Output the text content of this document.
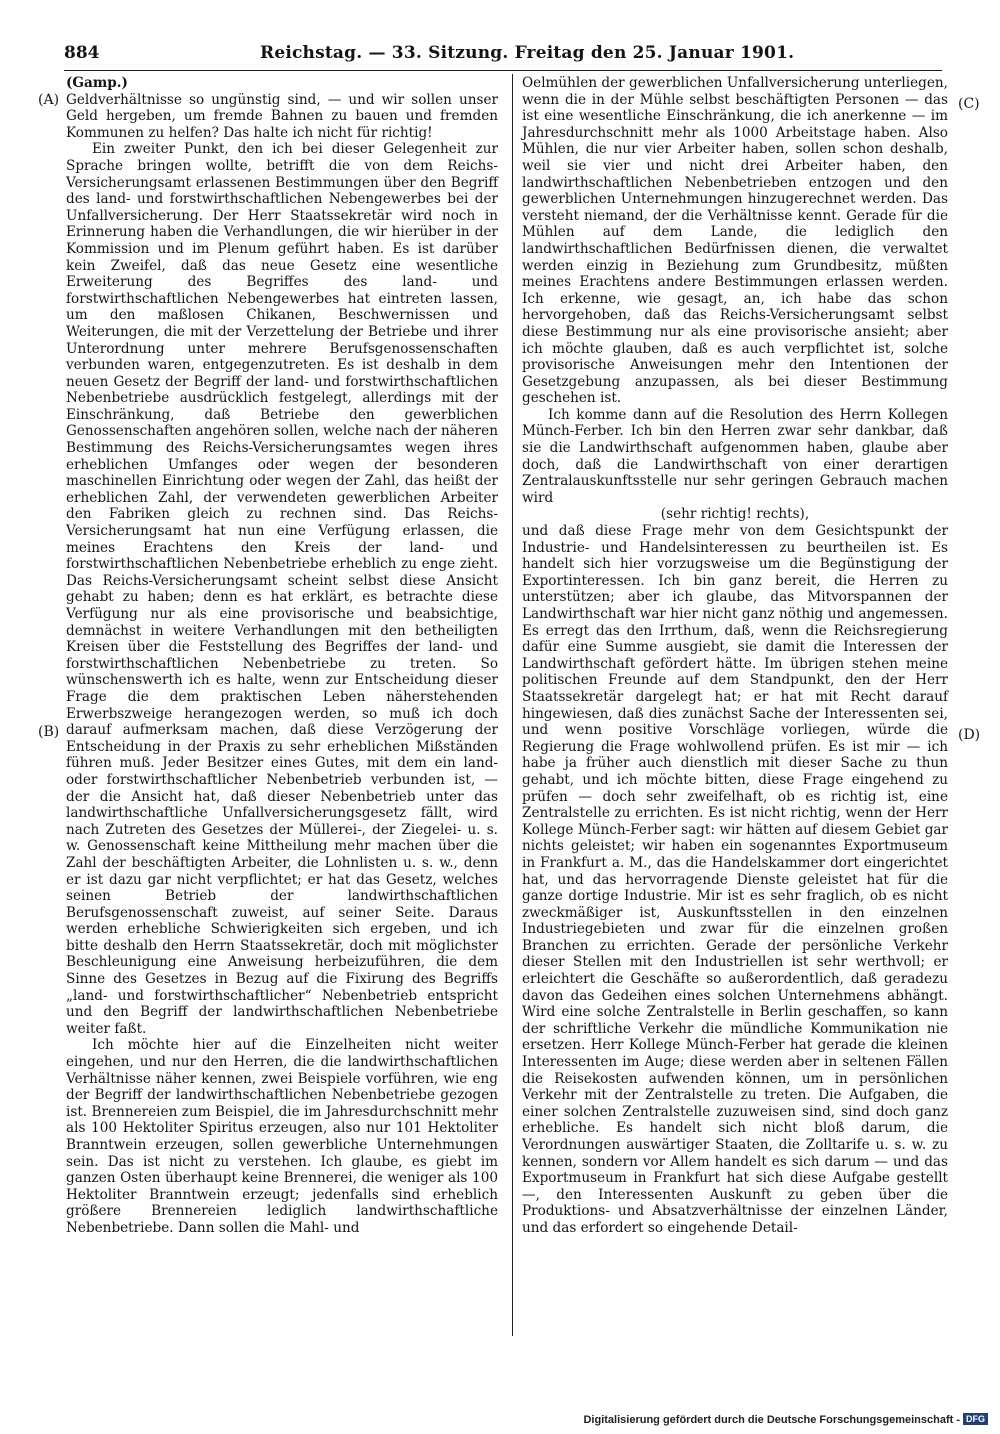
884	Reichstag. — 33. Sitzung. Freitag den 25. Januar 1901.
(A)
(B)
(C)
(D)

(Gamp.)

Geldverhältnisse so ungünstig sind, — und wir sollen unser Geld hergeben, um fremde Bahnen zu bauen und fremden Kommunen zu helfen? Das halte ich nicht für richtig!

Ein zweiter Punkt, den ich bei dieser Gelegenheit zur Sprache bringen wollte, betrifft die von dem Reichs-Versicherungsamt erlassenen Bestimmungen über den Begriff des land- und forstwirthschaftlichen Nebengewerbes bei der Unfallversicherung. Der Herr Staatssekretär wird noch in Erinnerung haben die Verhandlungen, die wir hierüber in der Kommission und im Plenum geführt haben. Es ist darüber kein Zweifel, daß das neue Gesetz eine wesentliche Erweiterung des Begriffes des land- und forstwirthschaftlichen Nebengewerbes hat eintreten lassen, um den maßlosen Chikanen, Beschwernissen und Weiterungen, die mit der Verzettelung der Betriebe und ihrer Unterordnung unter mehrere Berufsgenossenschaften verbunden waren, entgegenzutreten. Es ist deshalb in dem neuen Gesetz der Begriff der land- und forstwirthschaftlichen Nebenbetriebe ausdrücklich festgelegt, allerdings mit der Einschränkung, daß Betriebe den gewerblichen Genossenschaften angehören sollen, welche nach der näheren Bestimmung des Reichs-Versicherungsamtes wegen ihres erheblichen Umfanges oder wegen der besonderen maschinellen Einrichtung oder wegen der Zahl, das heißt der erheblichen Zahl, der verwendeten gewerblichen Arbeiter den Fabriken gleich zu rechnen sind. Das Reichs-Versicherungsamt hat nun eine Verfügung erlassen, die meines Erachtens den Kreis der land- und forstwirthschaftlichen Nebenbetriebe erheblich zu enge zieht. Das Reichs-Versicherungsamt scheint selbst diese Ansicht gehabt zu haben; denn es hat erklärt, es betrachte diese Verfügung nur als eine provisorische und beabsichtige, demnächst in weitere Verhandlungen mit den betheiligten Kreisen über die Feststellung des Begriffes der land- und forstwirthschaftlichen Nebenbetriebe zu treten. So wünschenswerth ich es halte, wenn zur Entscheidung dieser Frage die dem praktischen Leben näherstehenden Erwerbszweige herangezogen werden, so muß ich doch darauf aufmerksam machen, daß diese Verzögerung der Entscheidung in der Praxis zu sehr erheblichen Mißständen führen muß. Jeder Besitzer eines Gutes, mit dem ein land- oder forstwirthschaftlicher Nebenbetrieb verbunden ist, — der die Ansicht hat, daß dieser Nebenbetrieb unter das landwirthschaftliche Unfallversicherungsgesetz fällt, wird nach Zutreten des Gesetzes der Müllerei-, der Ziegelei- u. s. w. Genossenschaft keine Mittheilung mehr machen über die Zahl der beschäftigten Arbeiter, die Lohnlisten u. s. w., denn er ist dazu gar nicht verpflichtet; er hat das Gesetz, welches seinen Betrieb der landwirthschaftlichen Berufsgenossenschaft zuweist, auf seiner Seite. Daraus werden erhebliche Schwierigkeiten sich ergeben, und ich bitte deshalb den Herrn Staatssekretär, doch mit möglichster Beschleunigung eine Anweisung herbeizuführen, die dem Sinne des Gesetzes in Bezug auf die Fixirung des Begriffs „land- und forstwirthschaftlicher“ Nebenbetrieb entspricht und den Begriff der landwirthschaftlichen Nebenbetriebe weiter faßt.

Ich möchte hier auf die Einzelheiten nicht weiter eingehen, und nur den Herren, die die landwirthschaftlichen Verhältnisse näher kennen, zwei Beispiele vorführen, wie eng der Begriff der landwirthschaftlichen Nebenbetriebe gezogen ist. Brennereien zum Beispiel, die im Jahresdurchschnitt mehr als 100 Hektoliter Spiritus erzeugen, also nur 101 Hektoliter Branntwein erzeugen, sollen gewerbliche Unternehmungen sein. Das ist nicht zu verstehen. Ich glaube, es giebt im ganzen Osten überhaupt keine Brennerei, die weniger als 100 Hektoliter Branntwein erzeugt; jedenfalls sind erheblich größere Brennereien lediglich landwirthschaftliche Nebenbetriebe. Dann sollen die Mahl- und

Oelmühlen der gewerblichen Unfallversicherung unterliegen, wenn die in der Mühle selbst beschäftigten Personen — das ist eine wesentliche Einschränkung, die ich anerkenne — im Jahresdurchschnitt mehr als 1000 Arbeitstage haben. Also Mühlen, die nur vier Arbeiter haben, sollen schon deshalb, weil sie vier und nicht drei Arbeiter haben, den landwirthschaftlichen Nebenbetrieben entzogen und den gewerblichen Unternehmungen hinzugerechnet werden. Das versteht niemand, der die Verhältnisse kennt. Gerade für die Mühlen auf dem Lande, die lediglich den landwirthschaftlichen Bedürfnissen dienen, die verwaltet werden einzig in Beziehung zum Grundbesitz, müßten meines Erachtens andere Bestimmungen erlassen werden. Ich erkenne, wie gesagt, an, ich habe das schon hervorgehoben, daß das Reichs-Versicherungsamt selbst diese Bestimmung nur als eine provisorische ansieht; aber ich möchte glauben, daß es auch verpflichtet ist, solche provisorische Anweisungen mehr den Intentionen der Gesetzgebung anzupassen, als bei dieser Bestimmung geschehen ist.

Ich komme dann auf die Resolution des Herrn Kollegen Münch-Ferber. Ich bin den Herren zwar sehr dankbar, daß sie die Landwirthschaft aufgenommen haben, glaube aber doch, daß die Landwirthschaft von einer derartigen Zentralauskunftsstelle nur sehr geringen Gebrauch machen wird

(sehr richtig! rechts),

und daß diese Frage mehr von dem Gesichtspunkt der Industrie- und Handelsinteressen zu beurtheilen ist. Es handelt sich hier vorzugsweise um die Begünstigung der Exportinteressen. Ich bin ganz bereit, die Herren zu unterstützen; aber ich glaube, das Mitvorspannen der Landwirthschaft war hier nicht ganz nöthig und angemessen. Es erregt das den Irrthum, daß, wenn die Reichsregierung dafür eine Summe ausgiebt, sie damit die Interessen der Landwirthschaft gefördert hätte. Im übrigen stehen meine politischen Freunde auf dem Standpunkt, den der Herr Staatssekretär dargelegt hat; er hat mit Recht darauf hingewiesen, daß dies zunächst Sache der Interessenten sei, und wenn positive Vorschläge vorliegen, würde die Regierung die Frage wohlwollend prüfen. Es ist mir — ich habe ja früher auch dienstlich mit dieser Sache zu thun gehabt, und ich möchte bitten, diese Frage eingehend zu prüfen — doch sehr zweifelhaft, ob es richtig ist, eine Zentralstelle zu errichten. Es ist nicht richtig, wenn der Herr Kollege Münch-Ferber sagt: wir hätten auf diesem Gebiet gar nichts geleistet; wir haben ein sogenanntes Exportmuseum in Frankfurt a. M., das die Handelskammer dort eingerichtet hat, und das hervorragende Dienste geleistet hat für die ganze dortige Industrie. Mir ist es sehr fraglich, ob es nicht zweckmäßiger ist, Auskunftsstellen in den einzelnen Industriegebieten und zwar für die einzelnen großen Branchen zu errichten. Gerade der persönliche Verkehr dieser Stellen mit den Industriellen ist sehr werthvoll; er erleichtert die Geschäfte so außerordentlich, daß geradezu davon das Gedeihen eines solchen Unternehmens abhängt. Wird eine solche Zentralstelle in Berlin geschaffen, so kann der schriftliche Verkehr die mündliche Kommunikation nie ersetzen. Herr Kollege Münch-Ferber hat gerade die kleinen Interessenten im Auge; diese werden aber in seltenen Fällen die Reisekosten aufwenden können, um in persönlichen Verkehr mit der Zentralstelle zu treten. Die Aufgaben, die einer solchen Zentralstelle zuzuweisen sind, sind doch ganz erhebliche. Es handelt sich nicht bloß darum, die Verordnungen auswärtiger Staaten, die Zolltarife u. s. w. zu kennen, sondern vor Allem handelt es sich darum — und das Exportmuseum in Frankfurt hat sich diese Aufgabe gestellt —, den Interessenten Auskunft zu geben über die Produktions- und Absatzverhältnisse der einzelnen Länder, und das erfordert so eingehende Detail-

Digitalisierung gefördert durch die Deutsche Forschungsgemeinschaft - DFG
